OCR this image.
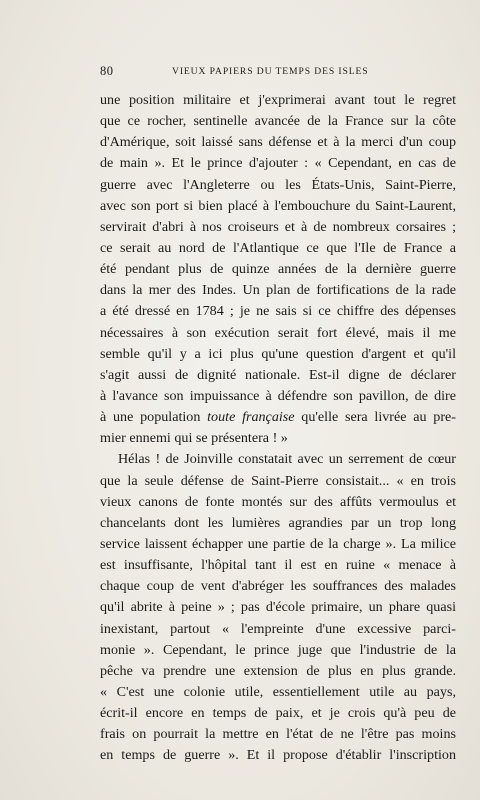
80	VIEUX PAPIERS DU TEMPS DES ISLES
une position militaire et j'exprimerai avant tout le regret
que ce rocher, sentinelle avancée de la France sur la côte
d'Amérique, soit laissé sans défense et à la merci d'un coup
de main ». Et le prince d'ajouter : « Cependant, en cas de
guerre avec l'Angleterre ou les États-Unis, Saint-Pierre,
avec son port si bien placé à l'embouchure du Saint-Laurent,
servirait d'abri à nos croiseurs et à de nombreux corsaires ;
ce serait au nord de l'Atlantique ce que l'Ile de France a
été pendant plus de quinze années de la dernière guerre
dans la mer des Indes. Un plan de fortifications de la rade
a été dressé en 1784 ; je ne sais si ce chiffre des dépenses
nécessaires à son exécution serait fort élevé, mais il me
semble qu'il y a ici plus qu'une question d'argent et qu'il
s'agit aussi de dignité nationale. Est-il digne de déclarer
à l'avance son impuissance à défendre son pavillon, de dire
à une population toute française qu'elle sera livrée au pre-
mier ennemi qui se présentera ! »
Hélas ! de Joinville constatait avec un serrement de cœur
que la seule défense de Saint-Pierre consistait... « en trois
vieux canons de fonte montés sur des affûts vermoulus et
chancelants dont les lumières agrandies par un trop long
service laissent échapper une partie de la charge ». La milice
est insuffisante, l'hôpital tant il est en ruine « menace à
chaque coup de vent d'abréger les souffrances des malades
qu'il abrite à peine » ; pas d'école primaire, un phare quasi
inexistant, partout « l'empreinte d'une excessive parci-
monie ». Cependant, le prince juge que l'industrie de la
pêche va prendre une extension de plus en plus grande.
« C'est une colonie utile, essentiellement utile au pays,
écrit-il encore en temps de paix, et je crois qu'à peu de
frais on pourrait la mettre en l'état de ne l'être pas moins
en temps de guerre ». Et il propose d'établir l'inscription
